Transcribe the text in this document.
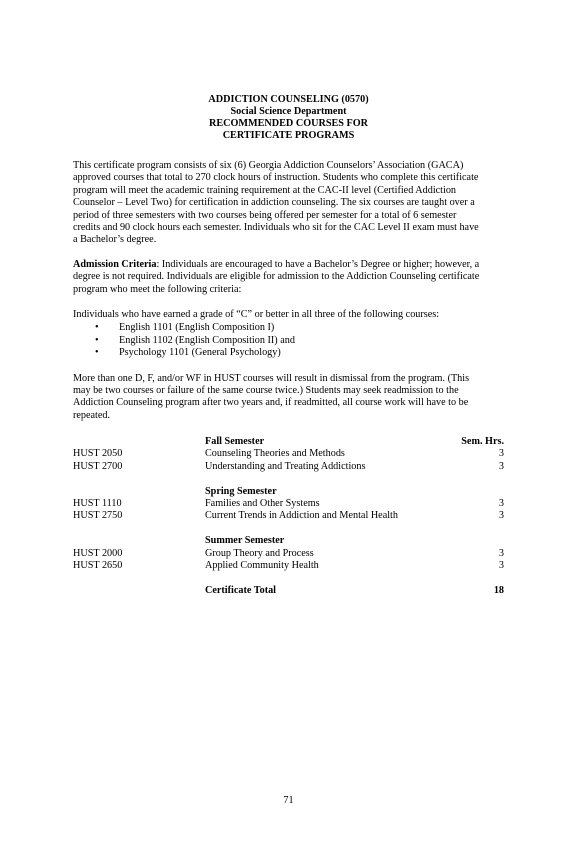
ADDICTION COUNSELING (0570)
Social Science Department
RECOMMENDED COURSES FOR
CERTIFICATE PROGRAMS

This certificate program consists of six (6) Georgia Addiction Counselors’ Association (GACA)

approved courses that total to 270 clock hours of instruction. Students who complete this certificate

program will meet the academic training requirement at the CAC-II level (Certified Addiction

Counselor – Level Two) for certification in addiction counseling. The six courses are taught over a

period of three semesters with two courses being offered per semester for a total of 6 semester

credits and 90 clock hours each semester. Individuals who sit for the CAC Level II exam must have

a Bachelor’s degree.

Admission Criteria: Individuals are encouraged to have a Bachelor’s Degree or higher; however, a

degree is not required. Individuals are eligible for admission to the Addiction Counseling certificate

program who meet the following criteria:

Individuals who have earned a grade of “C” or better in all three of the following courses:

• English 1101 (English Composition I)
• English 1102 (English Composition II) and
• Psychology 1101 (General Psychology)

More than one D, F, and/or WF in HUST courses will result in dismissal from the program. (This

may be two courses or failure of the same course twice.) Students may seek readmission to the

Addiction Counseling program after two years and, if readmitted, all course work will have to be

repeated.

Fall Semester	Sem. Hrs.
HUST 2050	Counseling Theories and Methods	3
HUST 2700	Understanding and Treating Addictions	3
Spring Semester
HUST 1110	Families and Other Systems	3
HUST 2750	Current Trends in Addiction and Mental Health	3
Summer Semester
HUST 2000	Group Theory and Process	3
HUST 2650	Applied Community Health	3
Certificate Total	18
71
